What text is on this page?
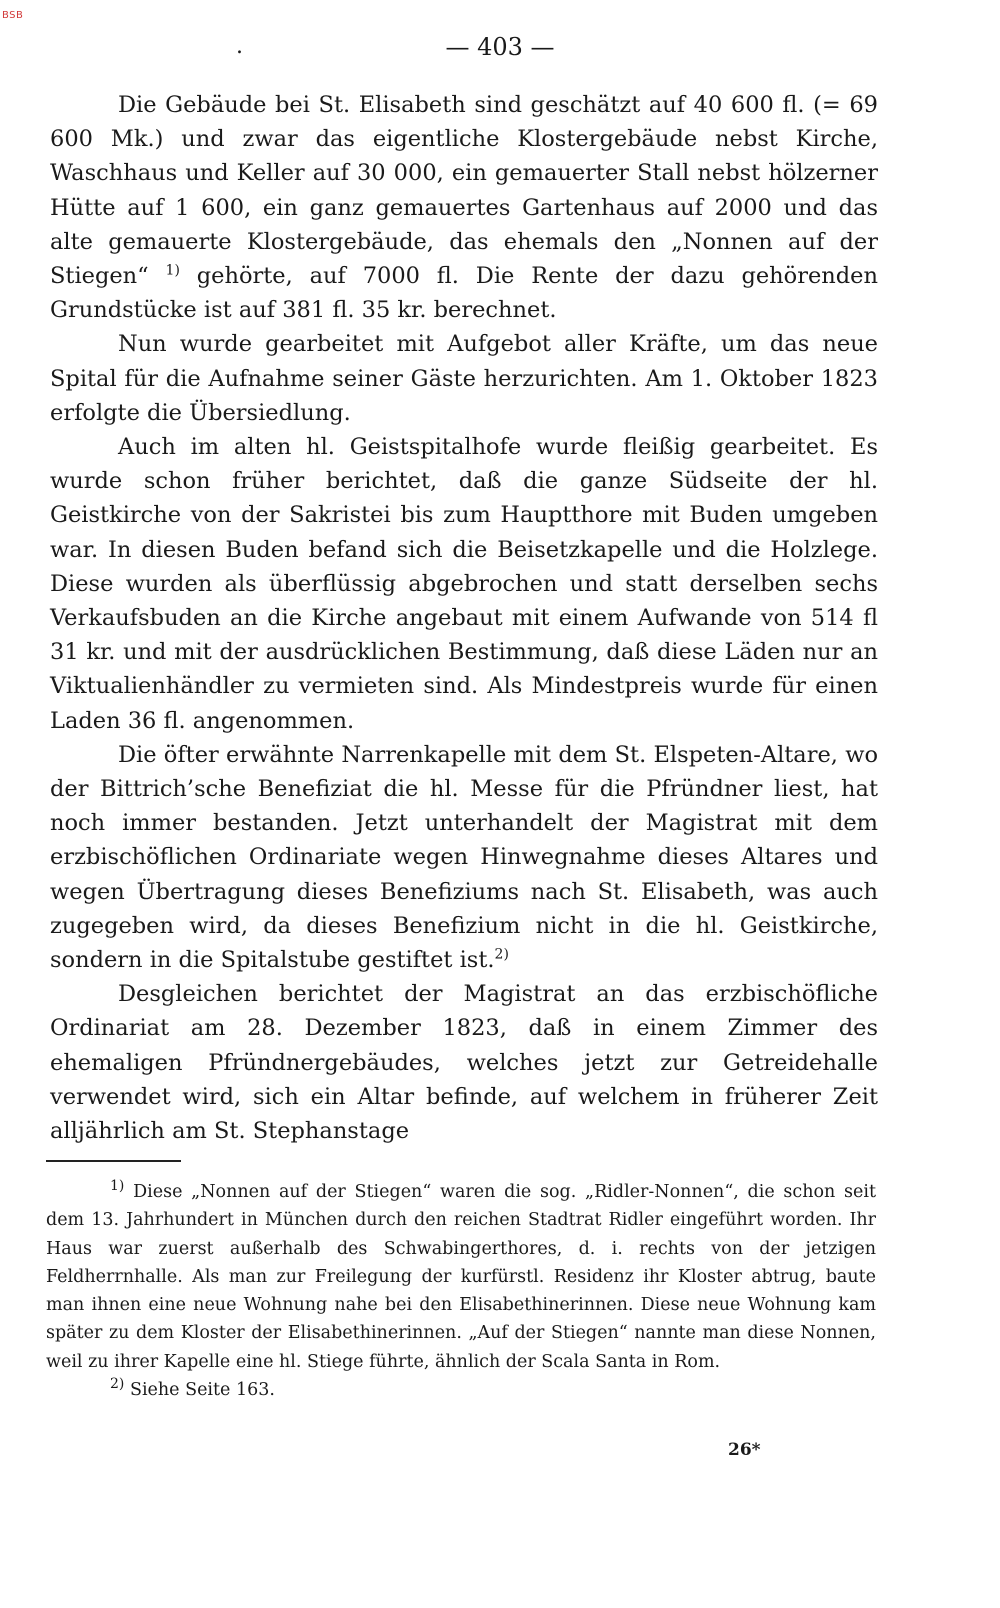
BSB
.	— 403 —

Die Gebäude bei St. Elisabeth sind geschätzt auf 40 600 fl. (= 69 600 Mk.) und zwar das eigentliche Klostergebäude nebst Kirche, Waschhaus und Keller auf 30 000, ein gemauerter Stall nebst hölzerner Hütte auf 1 600, ein ganz gemauertes Gartenhaus auf 2000 und das alte gemauerte Klostergebäude, das ehemals den „Nonnen auf der Stiegen“ $^{1)}$ gehörte, auf 7000 fl. Die Rente der dazu gehörenden Grundstücke ist auf 381 fl. 35 kr. berechnet.

Nun wurde gearbeitet mit Aufgebot aller Kräfte, um das neue Spital für die Aufnahme seiner Gäste herzurichten. Am 1. Oktober 1823 erfolgte die Übersiedlung.

Auch im alten hl. Geistspitalhofe wurde fleißig gearbeitet. Es wurde schon früher berichtet, daß die ganze Südseite der hl. Geistkirche von der Sakristei bis zum Hauptthore mit Buden umgeben war. In diesen Buden befand sich die Beisetzkapelle und die Holzlege. Diese wurden als überflüssig abgebrochen und statt derselben sechs Verkaufsbuden an die Kirche angebaut mit einem Aufwande von 514 fl 31 kr. und mit der ausdrücklichen Bestimmung, daß diese Läden nur an Viktualienhändler zu vermieten sind. Als Mindestpreis wurde für einen Laden 36 fl. angenommen.

Die öfter erwähnte Narrenkapelle mit dem St. Elspeten-Altare, wo der Bittrich’sche Benefiziat die hl. Messe für die Pfründner liest, hat noch immer bestanden. Jetzt unterhandelt der Magistrat mit dem erzbischöflichen Ordinariate wegen Hinwegnahme dieses Altares und wegen Übertragung dieses Benefiziums nach St. Elisabeth, was auch zugegeben wird, da dieses Benefizium nicht in die hl. Geistkirche, sondern in die Spitalstube gestiftet ist.$^{2)}$

Desgleichen berichtet der Magistrat an das erzbischöfliche Ordinariat am 28. Dezember 1823, daß in einem Zimmer des ehemaligen Pfründnergebäudes, welches jetzt zur Getreidehalle verwendet wird, sich ein Altar befinde, auf welchem in früherer Zeit alljährlich am St. Stephanstage

$^{1)}$ Diese „Nonnen auf der Stiegen“ waren die sog. „Ridler-Nonnen“, die schon seit dem 13. Jahrhundert in München durch den reichen Stadtrat Ridler eingeführt worden. Ihr Haus war zuerst außerhalb des Schwabingerthores, d. i. rechts von der jetzigen Feldherrnhalle. Als man zur Freilegung der kurfürstl. Residenz ihr Kloster abtrug, baute man ihnen eine neue Wohnung nahe bei den Elisabethinerinnen. Diese neue Wohnung kam später zu dem Kloster der Elisabethinerinnen. „Auf der Stiegen“ nannte man diese Nonnen, weil zu ihrer Kapelle eine hl. Stiege führte, ähnlich der Scala Santa in Rom.

$^{2)}$ Siehe Seite 163.

26*
